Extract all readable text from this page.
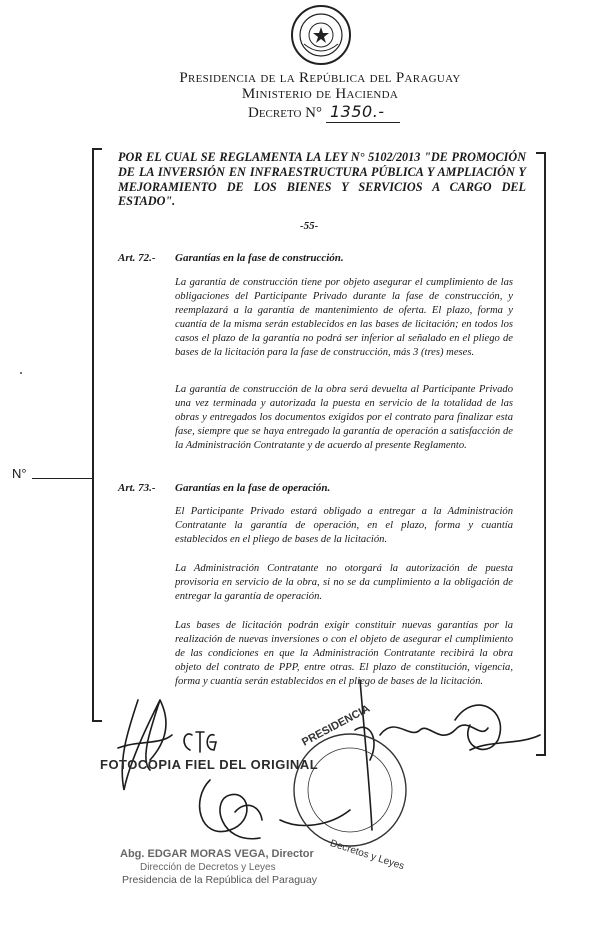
Presidencia de la República del Paraguay
Ministerio de Hacienda
Decreto N° 1350.-
POR EL CUAL SE REGLAMENTA LA LEY N° 5102/2013 "DE PROMOCIÓN DE LA INVERSIÓN EN INFRAESTRUCTURA PÚBLICA Y AMPLIACIÓN Y MEJORAMIENTO DE LOS BIENES Y SERVICIOS A CARGO DEL ESTADO".
-55-
Art. 72.- Garantías en la fase de construcción.
La garantía de construcción tiene por objeto asegurar el cumplimiento de las obligaciones del Participante Privado durante la fase de construcción, y reemplazará a la garantía de mantenimiento de oferta. El plazo, forma y cuantía de la misma serán establecidos en las bases de licitación; en todos los casos el plazo de la garantía no podrá ser inferior al señalado en el pliego de bases de la licitación para la fase de construcción, más 3 (tres) meses.
La garantía de construcción de la obra será devuelta al Participante Privado una vez terminada y autorizada la puesta en servicio de la totalidad de las obras y entregados los documentos exigidos por el contrato para finalizar esta fase, siempre que se haya entregado la garantía de operación a satisfacción de la Administración Contratante y de acuerdo al presente Reglamento.
Art. 73.- Garantías en la fase de operación.
El Participante Privado estará obligado a entregar a la Administración Contratante la garantía de operación, en el plazo, forma y cuantía establecidos en el pliego de bases de la licitación.
La Administración Contratante no otorgará la autorización de puesta provisoria en servicio de la obra, si no se da cumplimiento a la obligación de entregar la garantía de operación.
Las bases de licitación podrán exigir constituir nuevas garantías por la realización de nuevas inversiones o con el objeto de asegurar el cumplimiento de las condiciones en que la Administración Contratante recibirá la obra objeto del contrato de PPP, entre otras. El plazo de constitución, vigencia, forma y cuantía serán establecidos en el pliego de bases de la licitación.
N°
PRESIDENCIA
Decretos y Leyes
FOTOCOPIA FIEL DEL ORIGINAL
Abg. EDGAR MORAS VEGA, Director
Dirección de Decretos y Leyes
Presidencia de la República del Paraguay
